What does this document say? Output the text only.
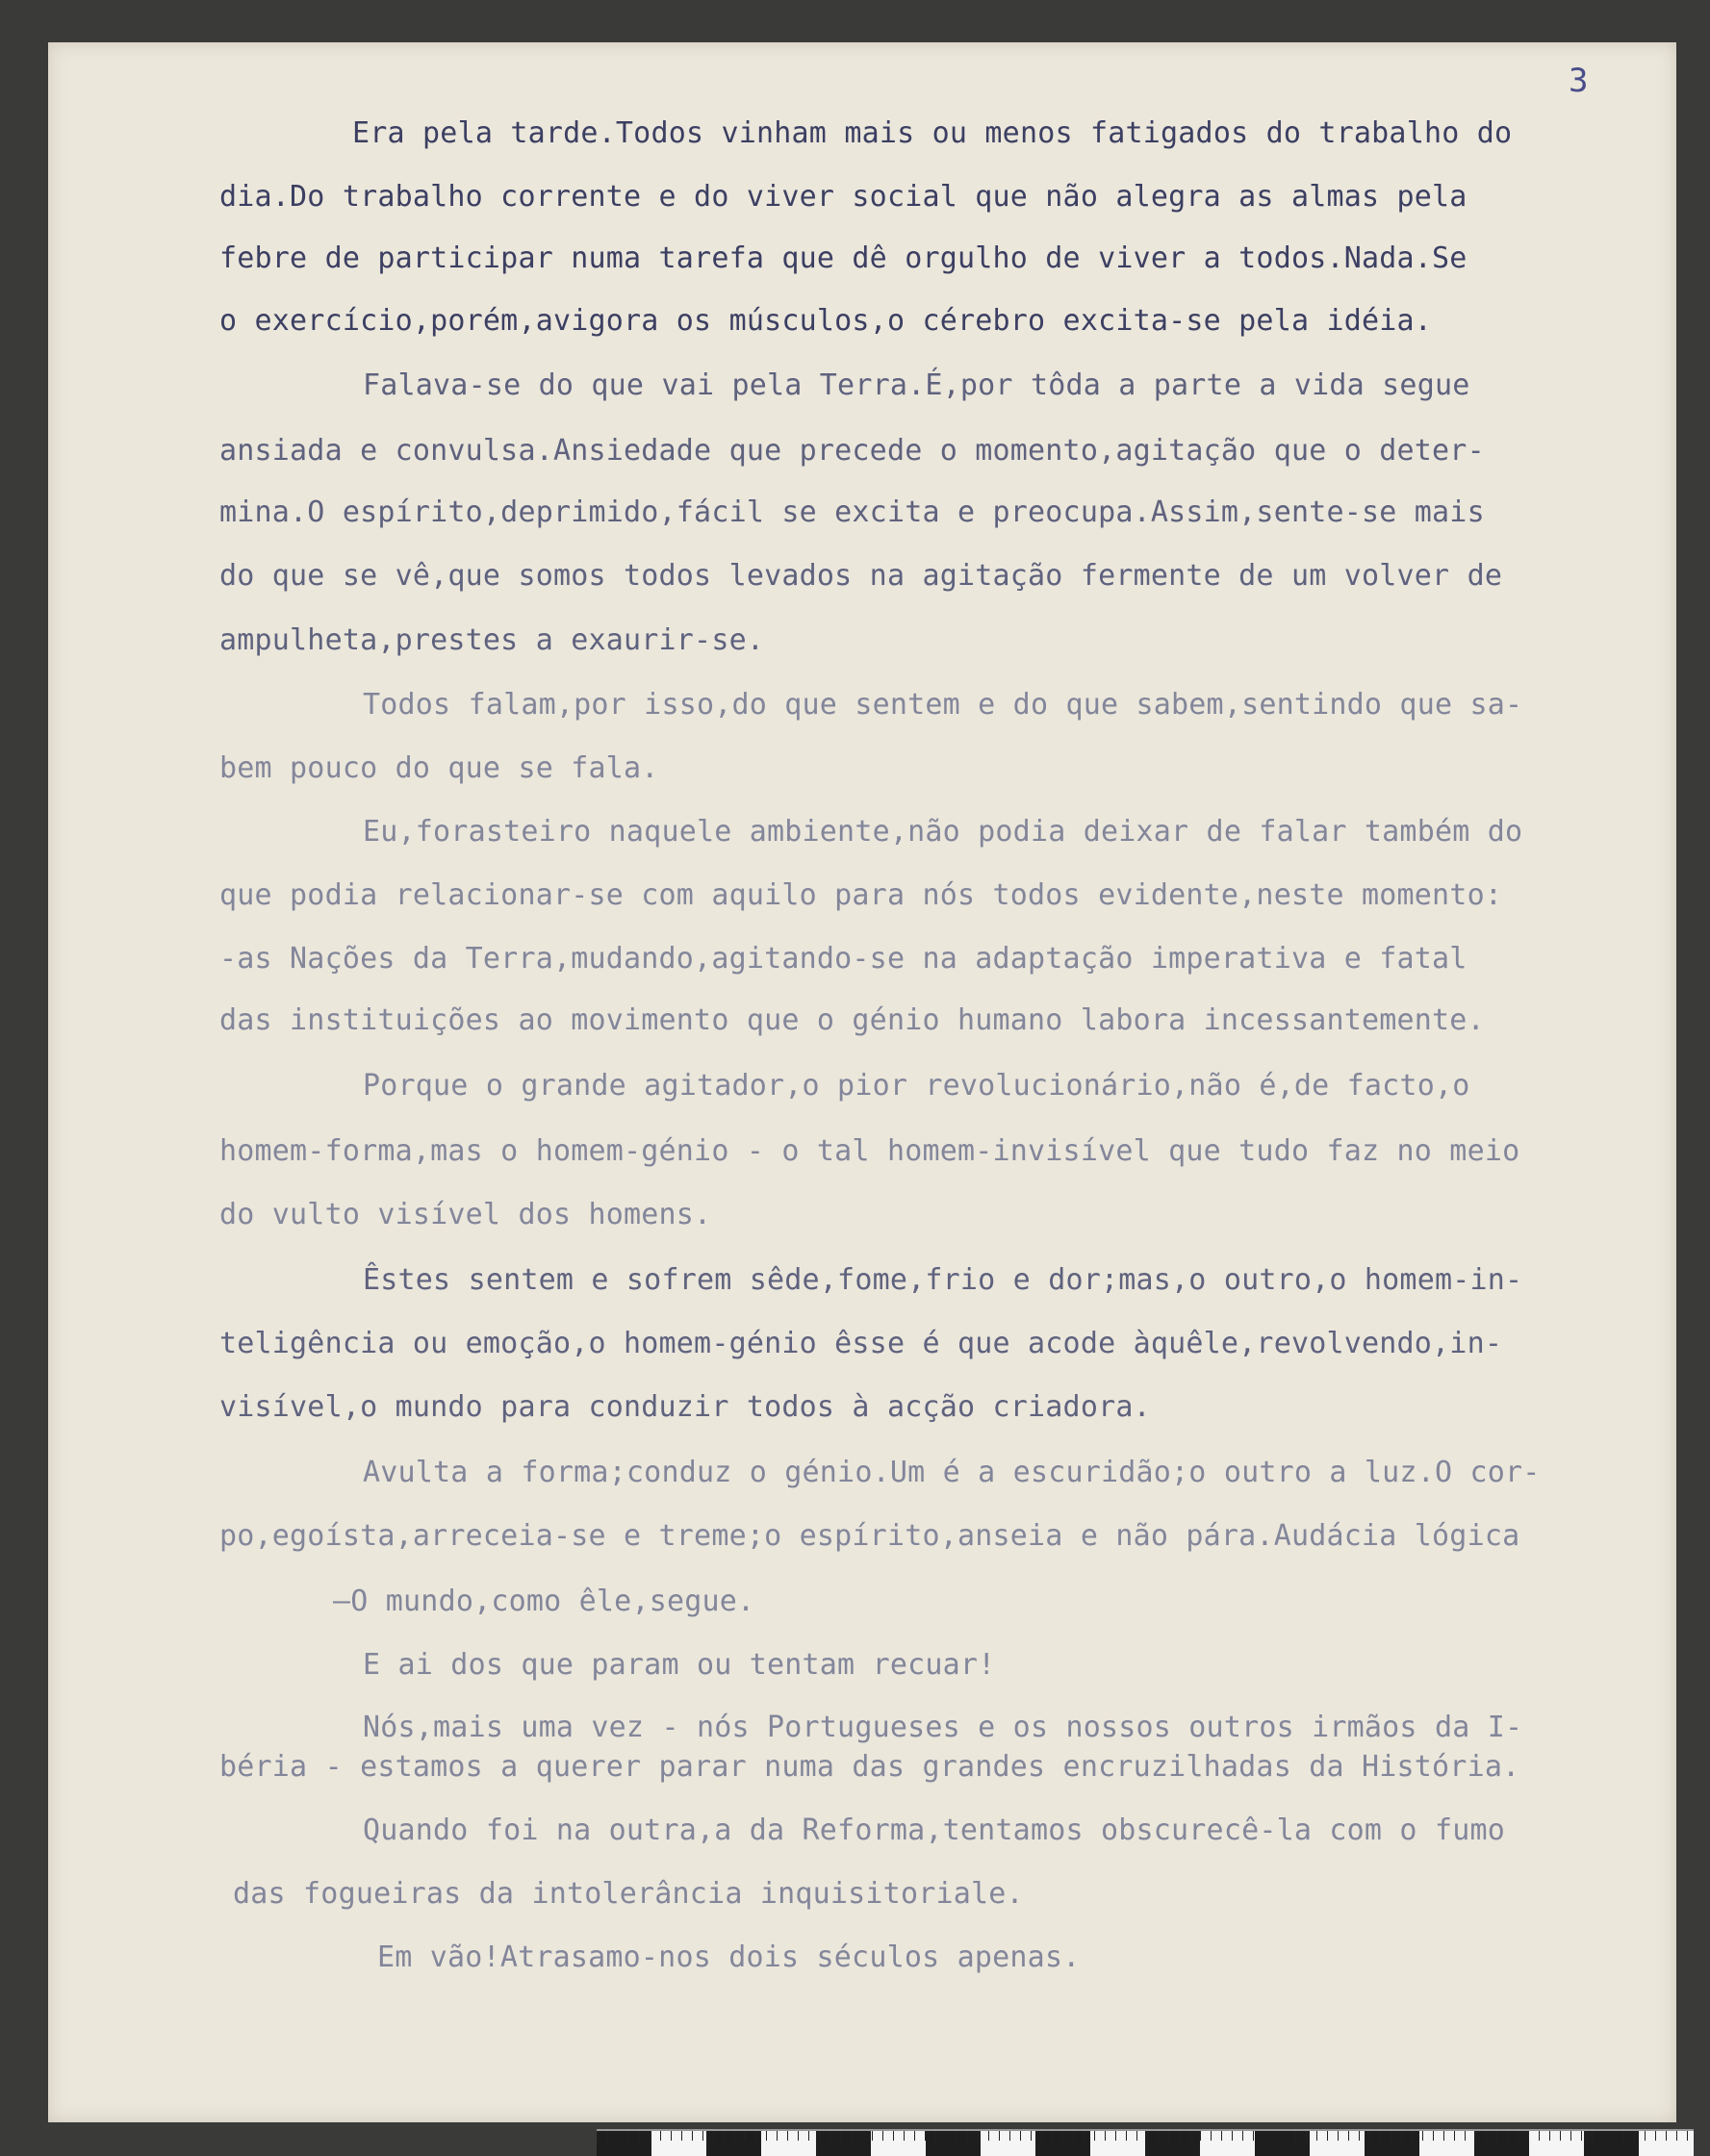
3

Era pela tarde.Todos vinham mais ou menos fatigados do trabalho do

dia.Do trabalho corrente e do viver social que não alegra as almas pela

febre de participar numa tarefa que dê orgulho de viver a todos.Nada.Se

o exercício,porém,avigora os músculos,o cérebro excita-se pela idéia.

Falava-se do que vai pela Terra.É,por tôda a parte a vida segue

ansiada e convulsa.Ansiedade que precede o momento,agitação que o deter-

mina.O espírito,deprimido,fácil se excita e preocupa.Assim,sente-se mais

do que se vê,que somos todos levados na agitação fermente de um volver de

ampulheta,prestes a exaurir-se.

Todos falam,por isso,do que sentem e do que sabem,sentindo que sa-

bem pouco do que se fala.

Eu,forasteiro naquele ambiente,não podia deixar de falar também do

que podia relacionar-se com aquilo para nós todos evidente,neste momento:

-as Nações da Terra,mudando,agitando-se na adaptação imperativa e fatal

das instituições ao movimento que o génio humano labora incessantemente.

Porque o grande agitador,o pior revolucionário,não é,de facto,o

homem-forma,mas o homem-génio - o tal homem-invisível que tudo faz no meio

do vulto visível dos homens.

Êstes sentem e sofrem sêde,fome,frio e dor;mas,o outro,o homem-in-

teligência ou emoção,o homem-génio êsse é que acode àquêle,revolvendo,in-

visível,o mundo para conduzir todos à acção criadora.

Avulta a forma;conduz o génio.Um é a escuridão;o outro a luz.O cor-

po,egoísta,arreceia-se e treme;o espírito,anseia e não pára.Audácia lógica

—O mundo,como êle,segue.

E ai dos que param ou tentam recuar!

Nós,mais uma vez - nós Portugueses e os nossos outros irmãos da I-

béria - estamos a querer parar numa das grandes encruzilhadas da História.

Quando foi na outra,a da Reforma,tentamos obscurecê-la com o fumo

das fogueiras da intolerância inquisitoriale.

Em vão!Atrasamo-nos dois séculos apenas.
